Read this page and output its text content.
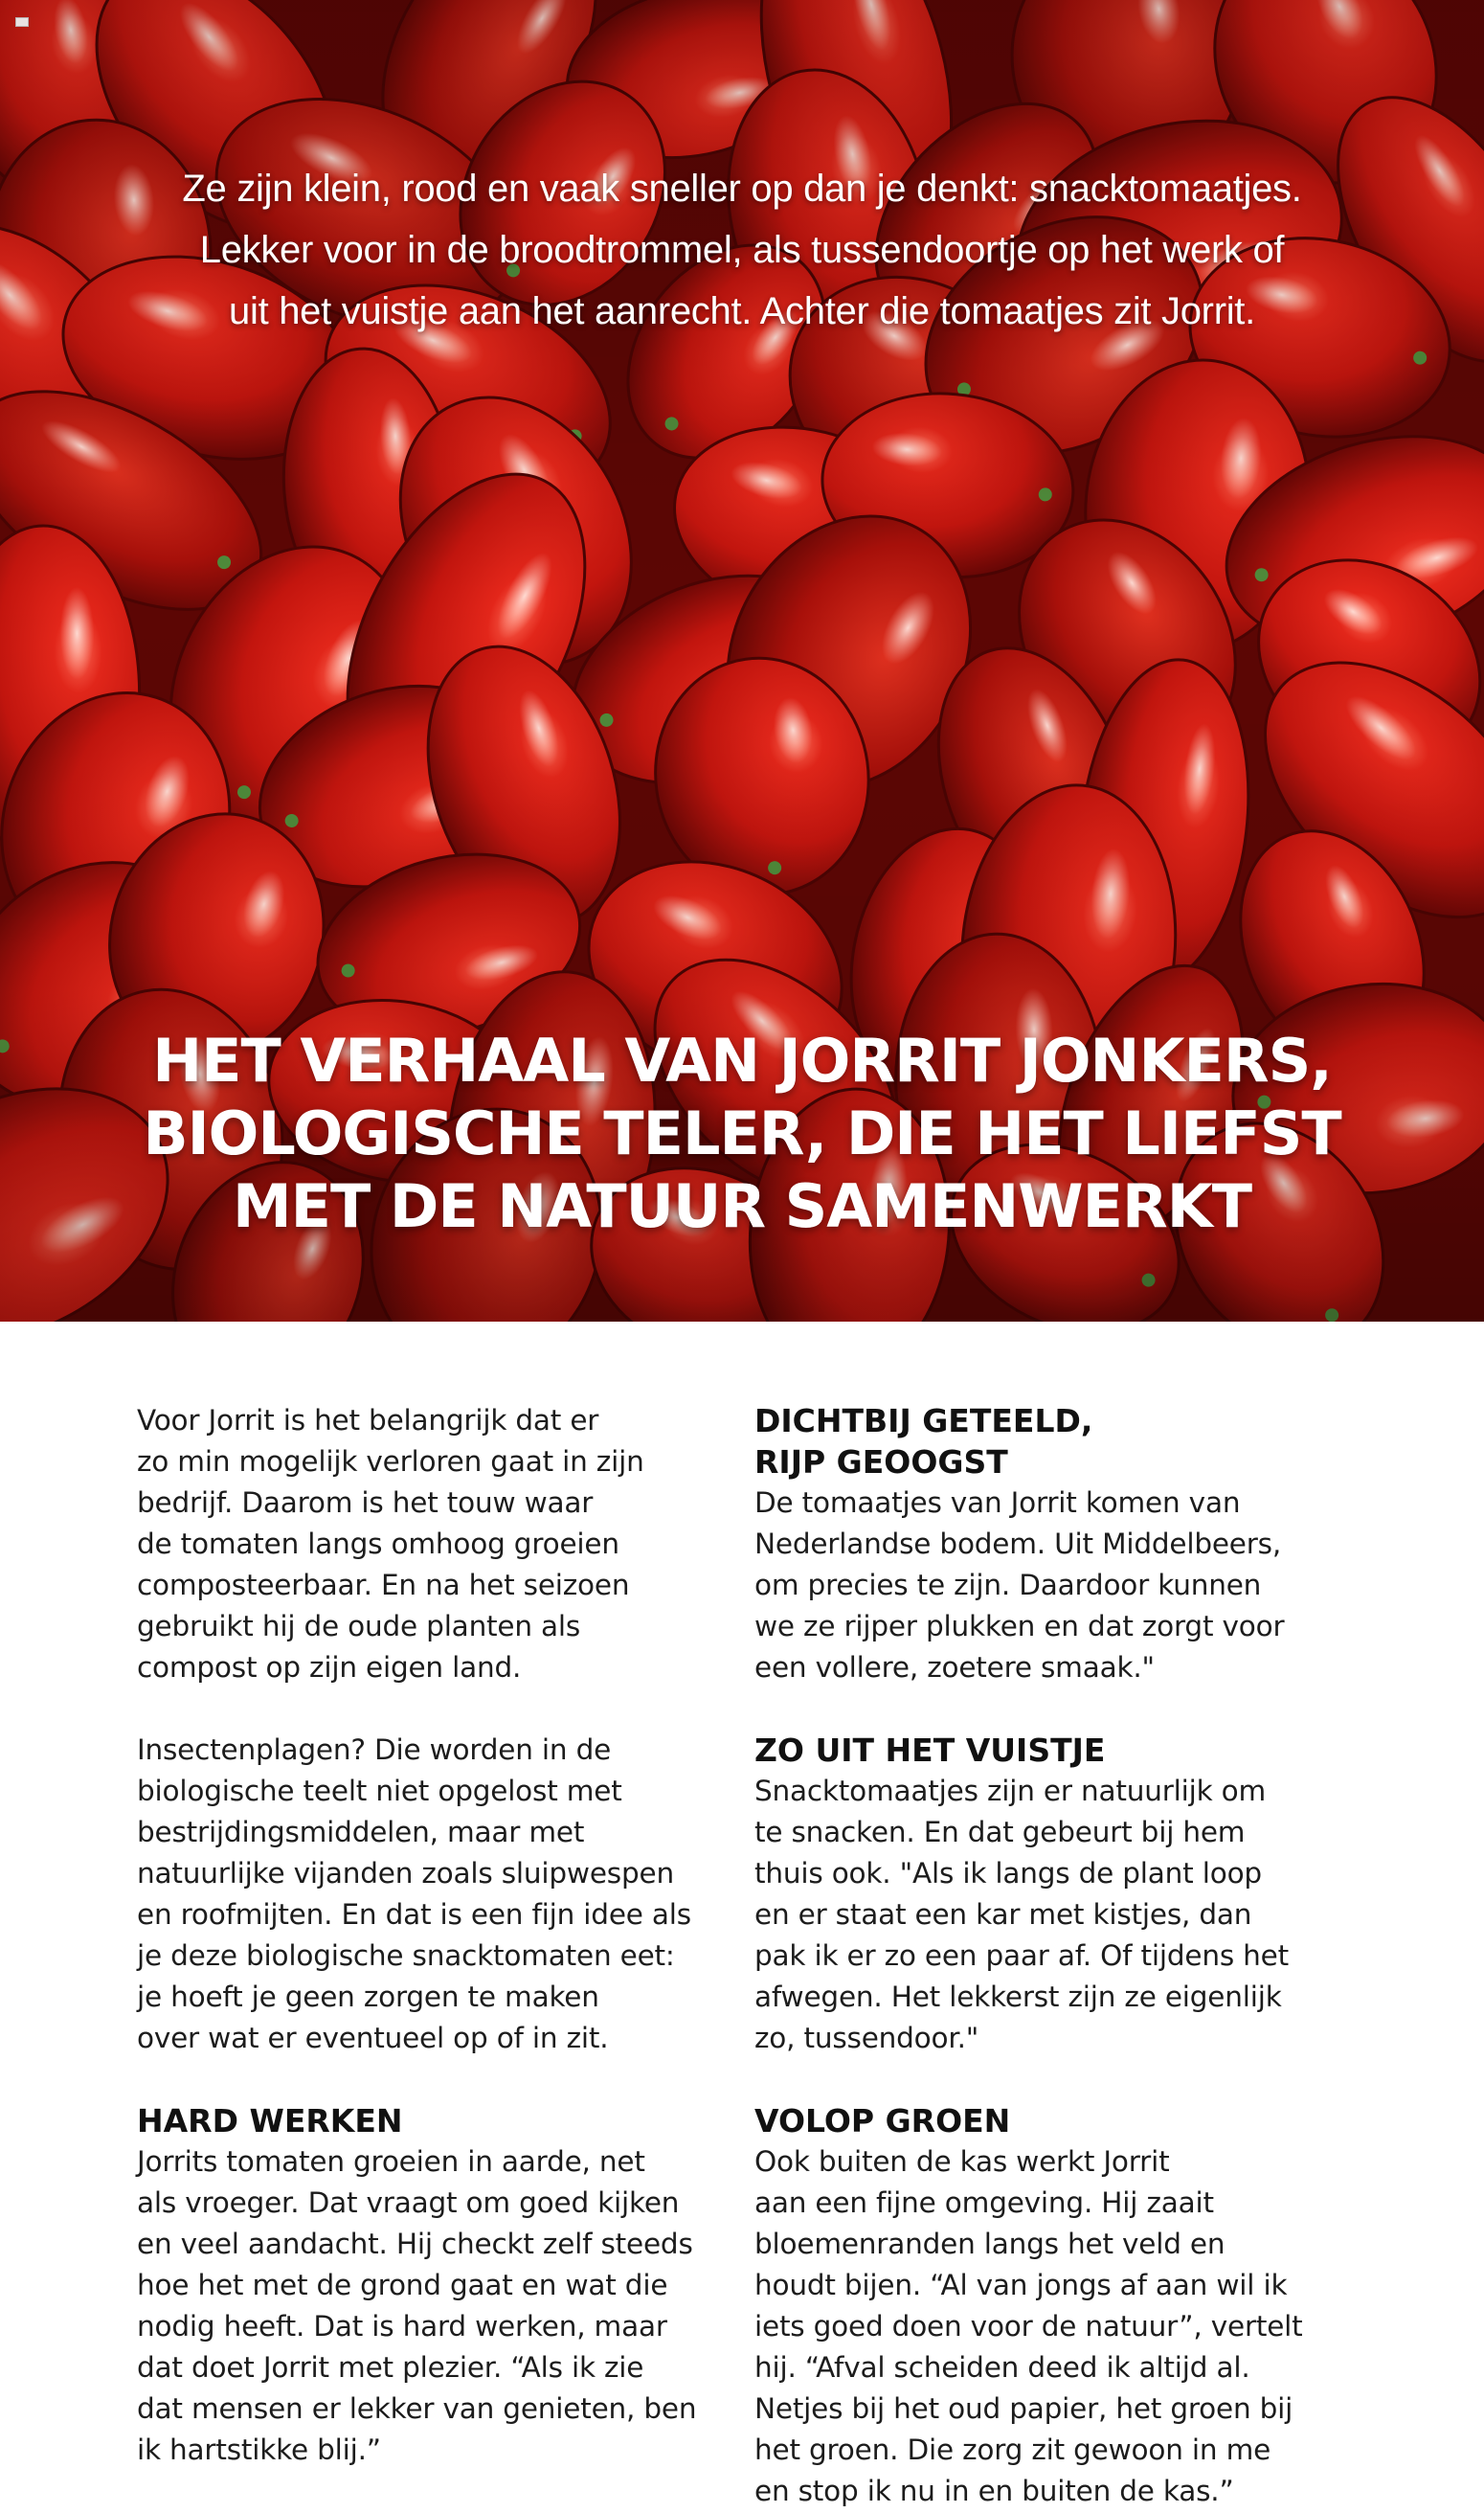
Ze zijn klein, rood en vaak sneller op dan je denkt: snacktomaatjes.
Lekker voor in de broodtrommel, als tussendoortje op het werk of
uit het vuistje aan het aanrecht. Achter die tomaatjes zit Jorrit.

HET VERHAAL VAN JORRIT JONKERS,
BIOLOGISCHE TELER, DIE HET LIEFST
MET DE NATUUR SAMENWERKT

Voor Jorrit is het belangrijk dat er
zo min mogelijk verloren gaat in zijn
bedrijf. Daarom is het touw waar
de tomaten langs omhoog groeien
composteerbaar. En na het seizoen
gebruikt hij de oude planten als
compost op zijn eigen land.

Insectenplagen? Die worden in de
biologische teelt niet opgelost met
bestrijdingsmiddelen, maar met
natuurlijke vijanden zoals sluipwespen
en roofmijten. En dat is een fijn idee als
je deze biologische snacktomaten eet:
je hoeft je geen zorgen te maken
over wat er eventueel op of in zit.

HARD WERKEN

Jorrits tomaten groeien in aarde, net
als vroeger. Dat vraagt om goed kijken
en veel aandacht. Hij checkt zelf steeds
hoe het met de grond gaat en wat die
nodig heeft. Dat is hard werken, maar
dat doet Jorrit met plezier. “Als ik zie
dat mensen er lekker van genieten, ben
ik hartstikke blij.”

DICHTBIJ GETEELD,
RIJP GEOOGST

De tomaatjes van Jorrit komen van
Nederlandse bodem. Uit Middelbeers,
om precies te zijn. Daardoor kunnen
we ze rijper plukken en dat zorgt voor
een vollere, zoetere smaak."

ZO UIT HET VUISTJE

Snacktomaatjes zijn er natuurlijk om
te snacken. En dat gebeurt bij hem
thuis ook. "Als ik langs de plant loop
en er staat een kar met kistjes, dan
pak ik er zo een paar af. Of tijdens het
afwegen. Het lekkerst zijn ze eigenlijk
zo, tussendoor."

VOLOP GROEN

Ook buiten de kas werkt Jorrit
aan een fijne omgeving. Hij zaait
bloemenranden langs het veld en
houdt bijen. “Al van jongs af aan wil ik
iets goed doen voor de natuur”, vertelt
hij. “Afval scheiden deed ik altijd al.
Netjes bij het oud papier, het groen bij
het groen. Die zorg zit gewoon in me
en stop ik nu in en buiten de kas.”
